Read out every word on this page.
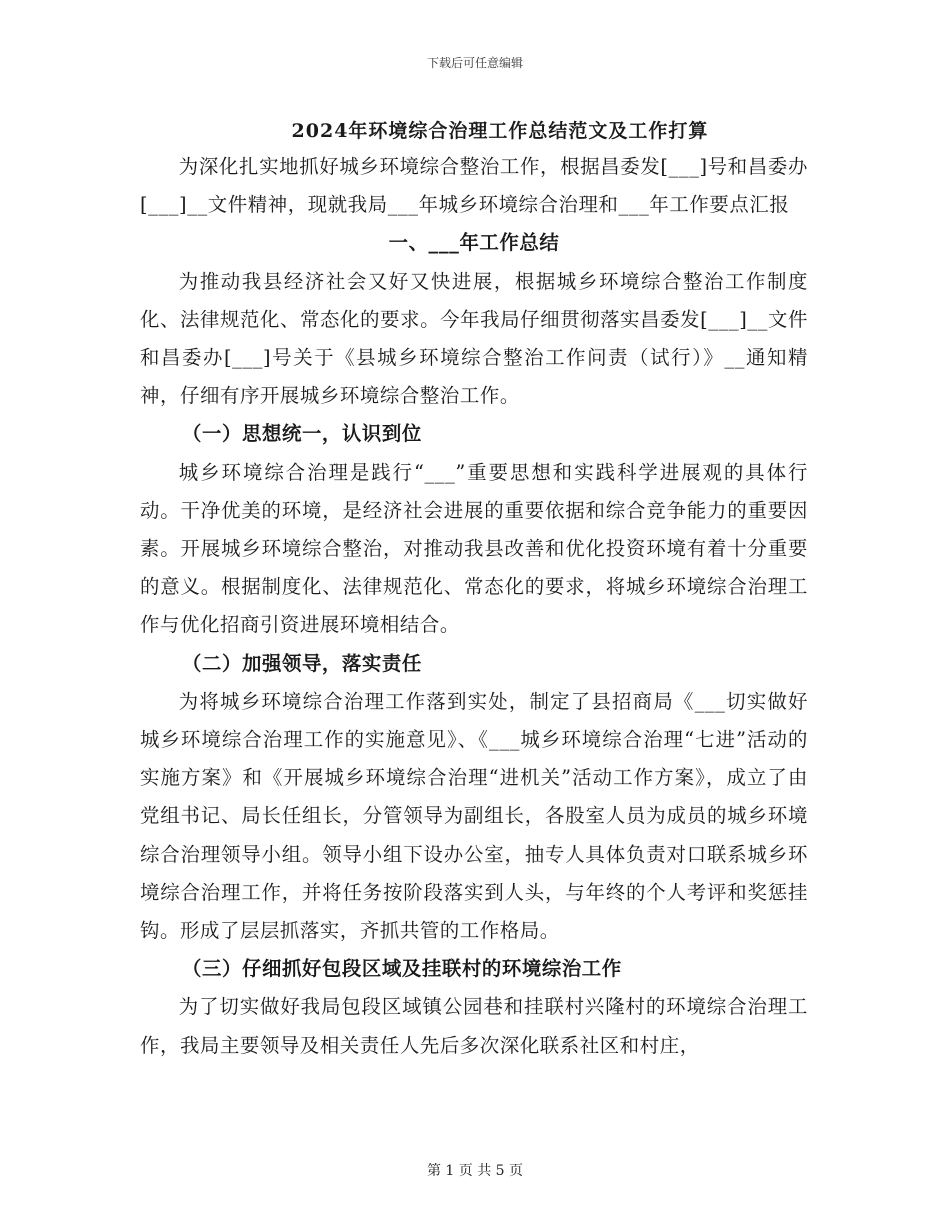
下载后可任意编辑
2024年环境综合治理工作总结范文及工作打算

为深化扎实地抓好城乡环境综合整治工作，根据昌委发[___]号和昌委办[___]__文件精神，现就我局___年城乡环境综合治理和___年工作要点汇报

一、___年工作总结

为推动我县经济社会又好又快进展，根据城乡环境综合整治工作制度化、法律规范化、常态化的要求。今年我局仔细贯彻落实昌委发[___]__文件和昌委办[___]号关于《县城乡环境综合整治工作问责（试行）》__通知精神，仔细有序开展城乡环境综合整治工作。

（一）思想统一，认识到位

城乡环境综合治理是践行“___”重要思想和实践科学进展观的具体行动。干净优美的环境，是经济社会进展的重要依据和综合竞争能力的重要因素。开展城乡环境综合整治，对推动我县改善和优化投资环境有着十分重要的意义。根据制度化、法律规范化、常态化的要求，将城乡环境综合治理工作与优化招商引资进展环境相结合。

（二）加强领导，落实责任

为将城乡环境综合治理工作落到实处，制定了县招商局《___切实做好城乡环境综合治理工作的实施意见》、《___城乡环境综合治理“七进”活动的实施方案》和《开展城乡环境综合治理“进机关”活动工作方案》，成立了由党组书记、局长任组长，分管领导为副组长，各股室人员为成员的城乡环境综合治理领导小组。领导小组下设办公室，抽专人具体负责对口联系城乡环境综合治理工作，并将任务按阶段落实到人头，与年终的个人考评和奖惩挂钩。形成了层层抓落实，齐抓共管的工作格局。

（三）仔细抓好包段区域及挂联村的环境综治工作

为了切实做好我局包段区域镇公园巷和挂联村兴隆村的环境综合治理工作，我局主要领导及相关责任人先后多次深化联系社区和村庄，

第 1 页 共 5 页
